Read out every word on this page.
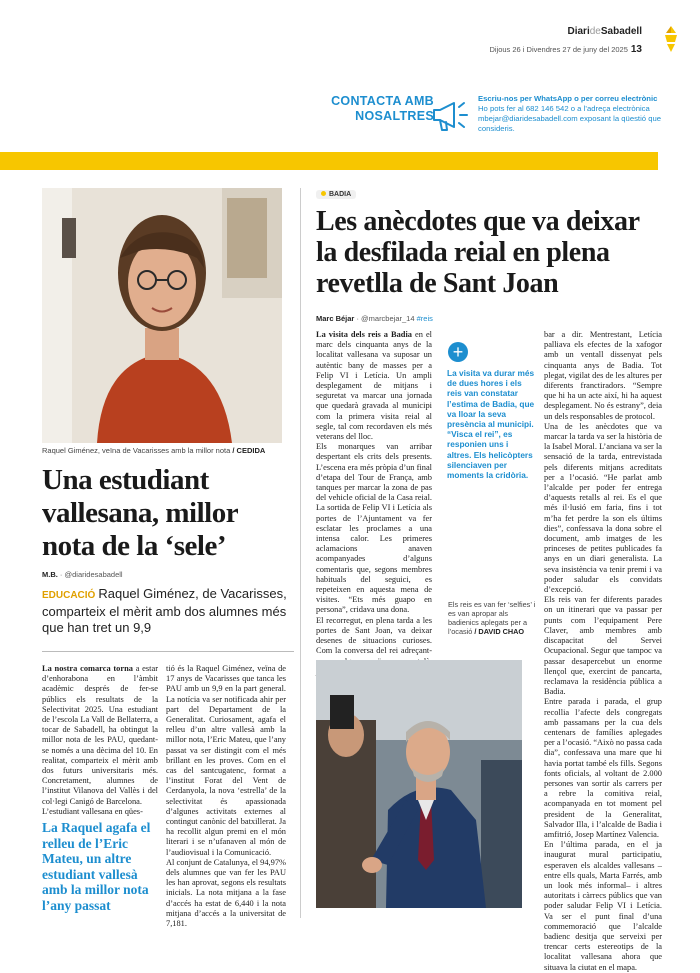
DiarideSabadell
Dijous 26 i Divendres 27 de juny del 2025 13
CONTACTA AMB NOSALTRES
Escriu-nos per WhatsApp o per correu electrònic
Ho pots fer al 682 146 542 o a l’adreça electrònica mbejar@diaridesabadell.com exposant la qüestió que consideris.
Raquel Giménez, veïna de Vacarisses amb la millor nota / CEDIDA
Una estudiant vallesana, millor nota de la ‘sele’
M.B. · @diaridesabadell
EDUCACIÓ Raquel Giménez, de Vacarisses, comparteix el mèrit amb dos alumnes més que han tret un 9,9
La nostra comarca torna a estar d’enhorabona en l’àmbit acadèmic després de fer-se públics els resultats de la Selectivitat 2025. Una estudiant de l’escola La Vall de Bellaterra, a tocar de Sabadell, ha obtingut la millor nota de les PAU, quedant-se només a una dècima del 10. En realitat, comparteix el mèrit amb dos futurs universitaris més. Concretament, alumnes de l’institut Vilanova del Vallès i del col·legi Canigó de Barcelona.
L’estudiant vallesana en qües-
La Raquel agafa el relleu de l’Eric Mateu, un altre estudiant vallesà amb la millor nota l’any passat
tió és la Raquel Giménez, veïna de 17 anys de Vacarisses que tanca les PAU amb un 9,9 en la part general. La notícia va ser notificada ahir per part del Departament de la Generalitat. Curiosament, agafa el relleu d’un altre vallesà amb la millor nota, l’Eric Mateu, que l’any passat va ser distingit com el més brillant en les proves. Com en el cas del santcugatenc, format a l’institut Forat del Vent de Cerdanyola, la nova ‘estrella’ de la selectivitat és apassionada d’algunes activitats externes al contingut canònic del batxillerat. Ja ha recollit algun premi en el món literari i se n’ufanaven al món de l’audiovisual i la Comunicació.
Al conjunt de Catalunya, el 94,97% dels alumnes que van fer les PAU les han aprovat, segons els resultats inicials. La nota mitjana a la fase d’accés ha estat de 6,440 i la nota mitjana d’accés a la universitat de 7,181.
BADIA
Les anècdotes que va deixar la desfilada reial en plena revetlla de Sant Joan
Marc Béjar · @marcbejar_14 #reis
La visita dels reis a Badia en el marc dels cinquanta anys de la localitat vallesana va suposar un autèntic bany de masses per a Felip VI i Letícia. Un ampli desplegament de mitjans i seguretat va marcar una jornada que quedarà gravada al municipi com la primera visita reial al segle, tal com recordaven els més veterans del lloc.
Els monarques van arribar despertant els crits dels presents. L’escena era més pròpia d’un final d’etapa del Tour de França, amb tanques per marcar la zona de pas del vehicle oficial de la Casa reial. La sortida de Felip VI i Letícia als portes de l’Ajuntament va fer esclatar les proclames a una intensa calor. Les primeres aclamacions anaven acompanyades d’alguns comentaris que, segons membres habituals del seguici, es repeteixen en aquesta mena de visites. “Ets més guapo en persona”, cridava una dona.
El recorregut, en plena tarda a les portes de Sant Joan, va deixar desenes de situacions curioses. Com la conversa del rei adreçant-
+
La visita va durar més de dues hores i els reis van constatar l’estima de Badia, que va lloar la seva presència al municipi. “Visca el rei”, es responien uns i altres. Els helicòpters silenciaven per moments la cridòria.
Els reis es van fer ‘selfies’ i es van apropar als badienics aplegats per a l’ocasió / DAVID CHAO
bar a dir. Mentrestant, Letícia palliava els efectes de la xafogor amb un ventall dissenyat pels cinquanta anys de Badia. Tot plegat, vigilat des de les altures per diferents franctiradors. “Sempre que hi ha un acte així, hi ha aquest desplegament. No és estrany”, deia un dels responsables de protocol.
Una de les anècdotes que va marcar la tarda va ser la història de la Isabel Moral. L’anciana va ser la sensació de la tarda, entrevistada pels diferents mitjans acreditats per a l’ocasió. “He parlat amb l’alcalde per poder fer entrega d’aquests retalls al rei. Es el que més il·lusió em faria, fins i tot m’ha fet perdre la son els últims dies”, confessava la dona sobre el document, amb imatges de les princeses de petites publicades fa anys en un diari generalista. La seva insistència va tenir premi i va poder saludar els convidats d’excepció.
Els reis van fer diferents parades on un itinerari que va passar per punts com l’equipament Pere Claver, amb membres amb discapacitat del Servei Ocupacional. Segur que tampoc va passar desapercebut un enorme llençol que, exercint de pancarta, reclamava la residència pública a Badia.
Entre parada i parada, el grup recollia l’afecte dels congregats amb passamans per la cua dels centenars de famílies aplegades per a l’ocasió. “Això no passa cada dia”, confessava una mare que hi havia portat també els fills. Segons fonts oficials, al voltant de 2.000 persones van sortir als carrers per a rebre la comitiva reial, acompanyada en tot moment pel president de la Generalitat, Salvador Illa, i l’alcalde de Badia i amfitrió, Josep Martínez Valencia.
En l’última parada, en el ja inaugurat mural participatiu, esperaven els alcaldes vallesans –entre ells quals, Marta Farrés, amb un look més informal– i altres autoritats i càrrecs públics que van poder saludar Felip VI i Letícia. Va ser el punt final d’una commemoració que l’alcalde badienc desitja que serveixi per trencar certs estereotips de la localitat vallesana ahora que situava la ciutat en el mapa.
